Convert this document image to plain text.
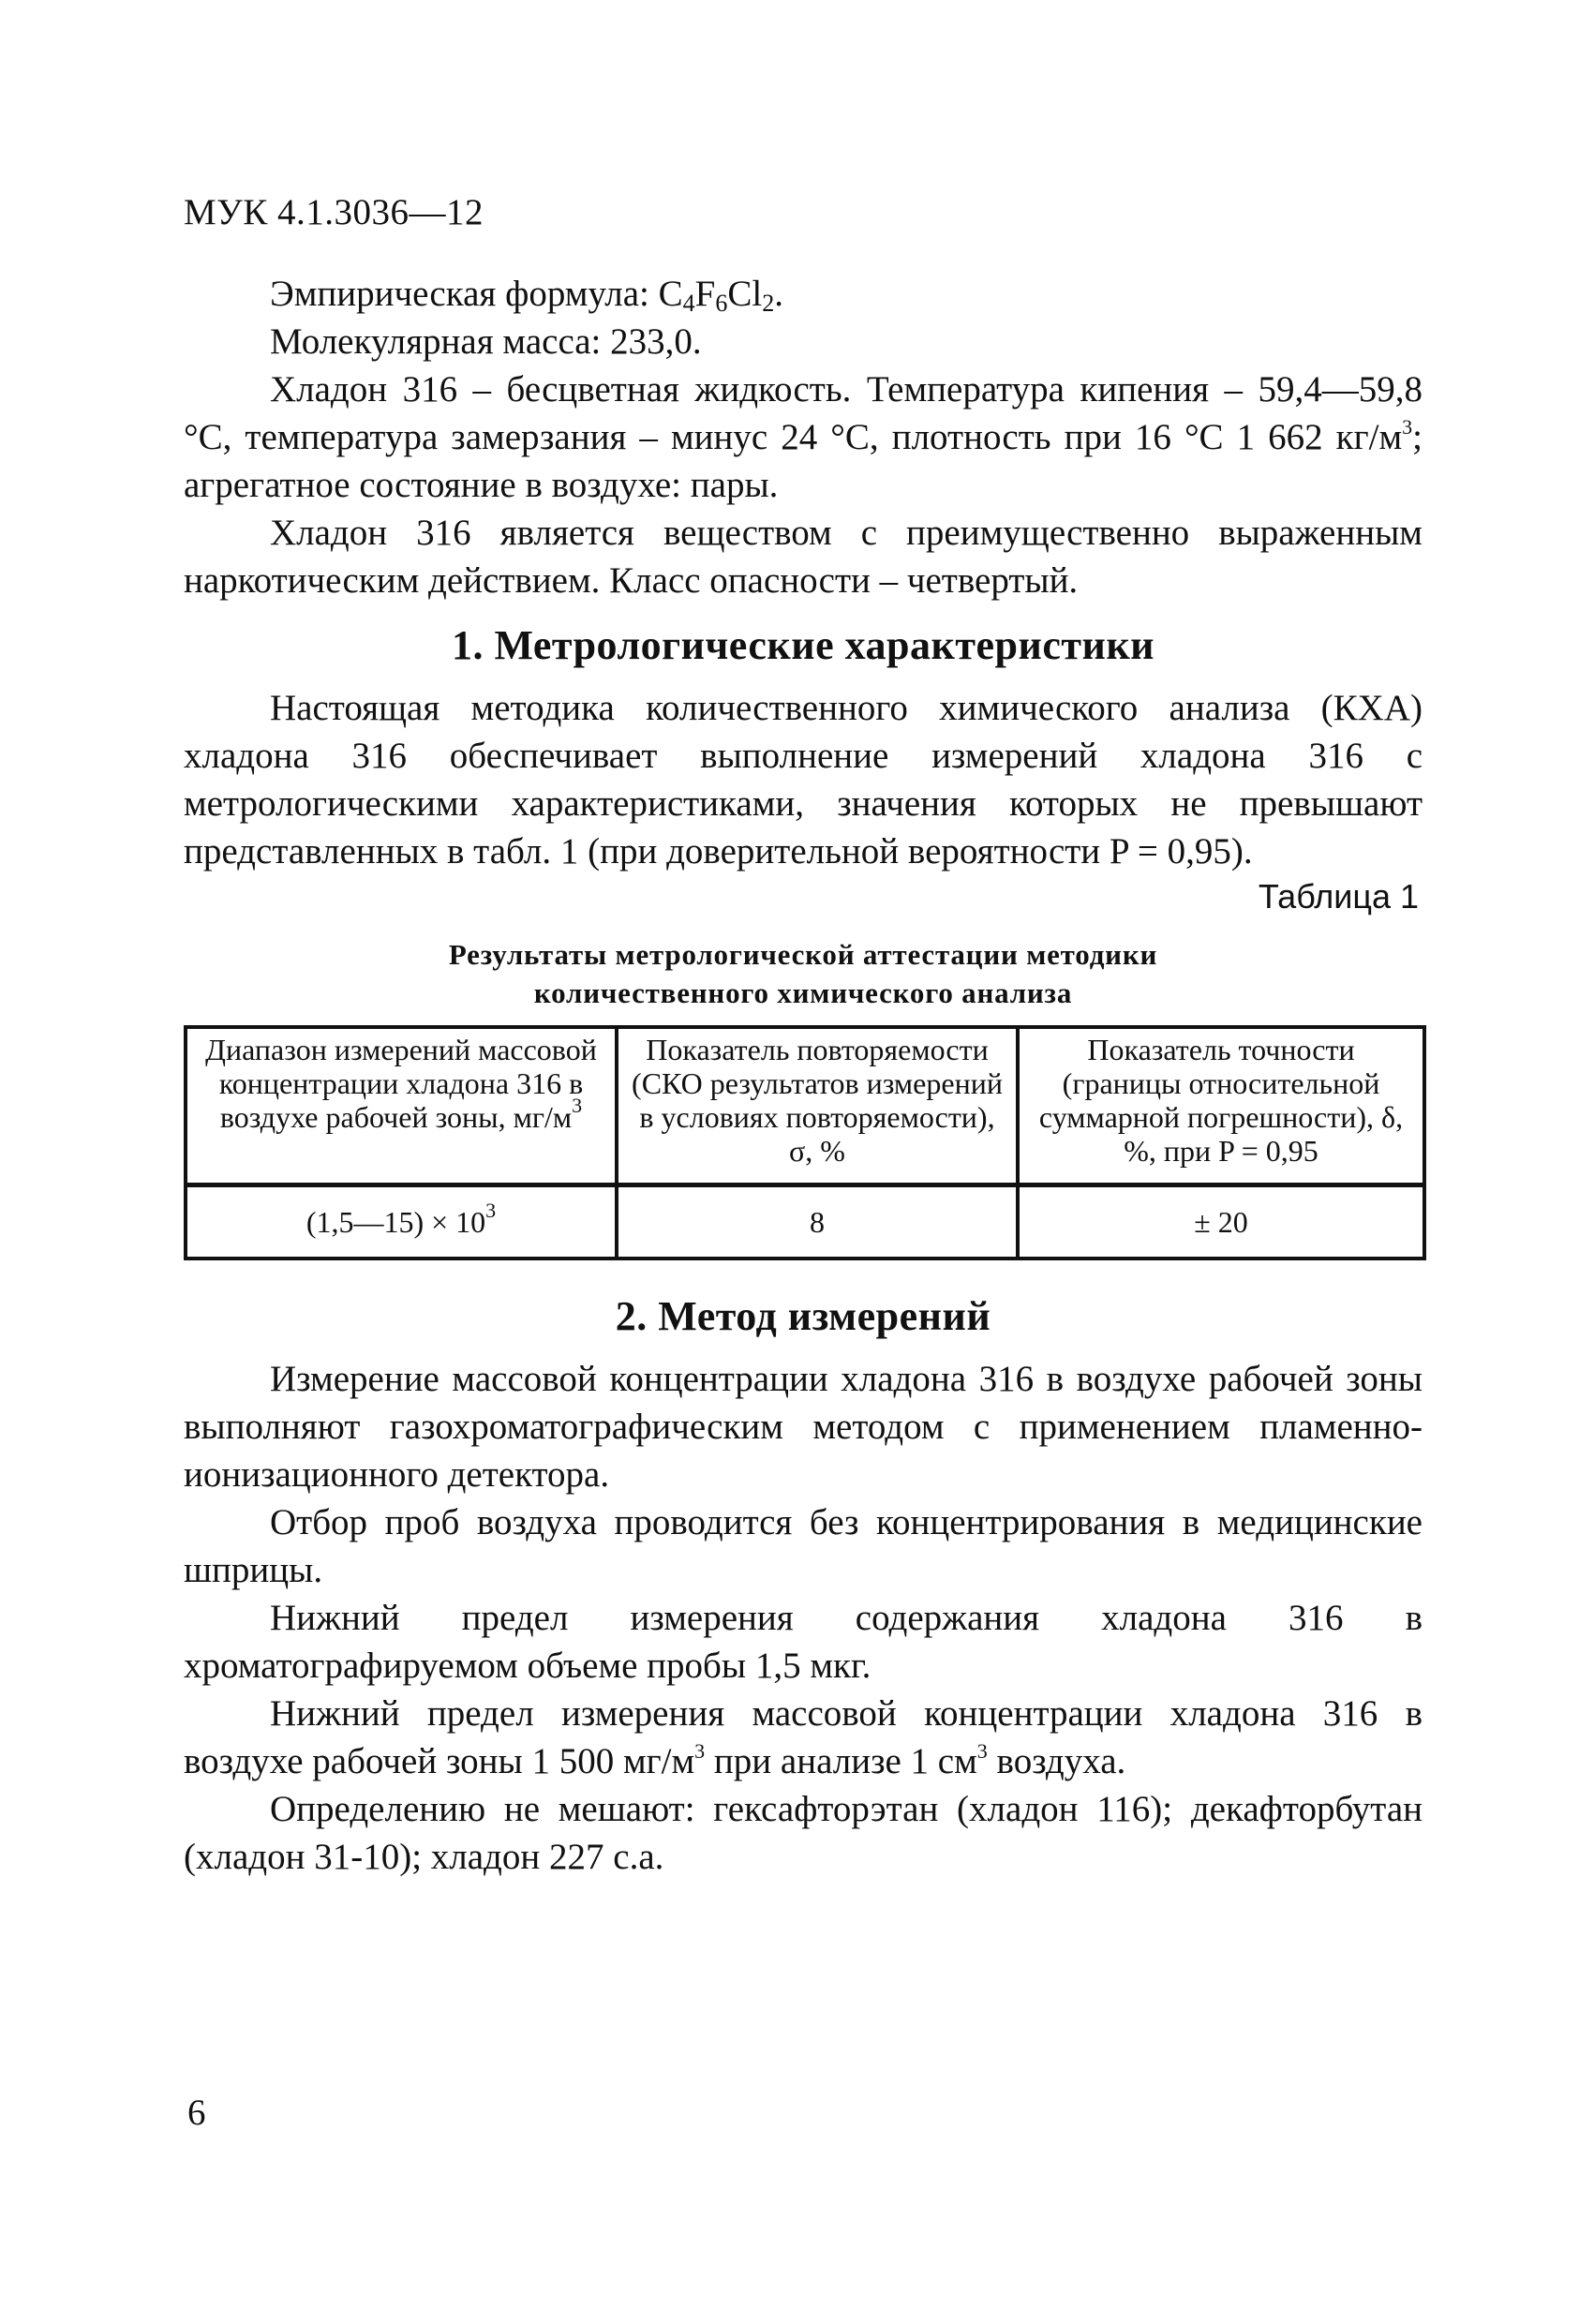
МУК 4.1.3036—12

Эмпирическая формула: $C_4F_6Cl_2$.

Молекулярная масса: 233,0.

Хладон 316 – бесцветная жидкость. Температура кипения – 59,4—59,8 °С, температура замерзания – минус 24 °С, плотность при 16 °С 1 662 $кг/м^3$; агрегатное состояние в воздухе: пары.

Хладон 316 является веществом с преимущественно выраженным наркотическим действием. Класс опасности – четвертый.

1. Метрологические характеристики

Настоящая методика количественного химического анализа (КХА) хладона 316 обеспечивает выполнение измерений хладона 316 с метрологическими характеристиками, значения которых не превышают представленных в табл. 1 (при доверительной вероятности P = 0,95).

Таблица 1
Результаты метрологической аттестации методики
количественного химического анализа
Диапазон измерений массовой концентрации хладона 316 в воздухе рабочей зоны, $мг/м^3$	Показатель повторяемости (СКО результатов измерений в условиях повторяемости), σ, %	Показатель точности (границы относительной суммарной погрешности), δ, %, при P = 0,95
(1,5—15) × $10^3$	8	± 20
2. Метод измерений

Измерение массовой концентрации хладона 316 в воздухе рабочей зоны выполняют газохроматографическим методом с применением пламенно-ионизационного детектора.

Отбор проб воздуха проводится без концентрирования в медицинские шприцы.

Нижний предел измерения содержания хладона 316 в хроматографируемом объеме пробы 1,5 мкг.

Нижний предел измерения массовой концентрации хладона 316 в воздухе рабочей зоны 1 500 $мг/м^3$ при анализе 1 $см^3$ воздуха.

Определению не мешают: гексафторэтан (хладон 116); декафторбутан (хладон 31-10); хладон 227 с.а.

6
